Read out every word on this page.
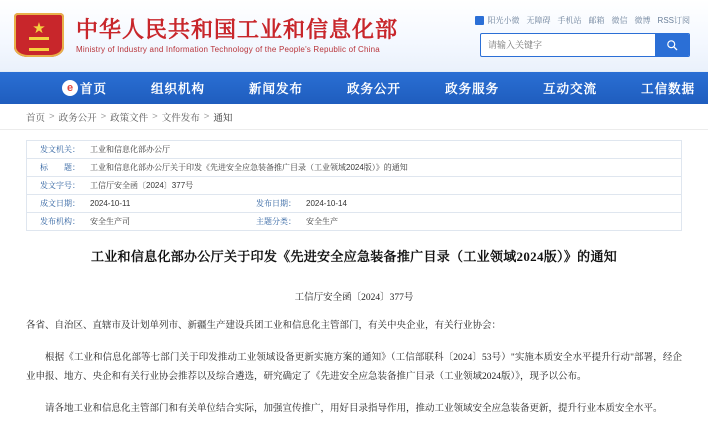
★ 中华人民共和国工业和信息化部
Ministry of Industry and Information Technology of the People's Republic of China
阳光小微 无障碍 手机站 邮箱 微信 微博 RSS订阅
请输入关键字
e 首页	组织机构	新闻发布	政务公开	政务服务	互动交流	工信数据
首页 > 政务公开 > 政策文件 > 文件发布 > 通知
发文机关：	工业和信息化部办公厅
标　　题：	工业和信息化部办公厅关于印发《先进安全应急装备推广目录（工业领域2024版）》的通知
发文字号：	工信厅安全函〔2024〕377号
成文日期：	2024-10-11	发布日期：	2024-10-14
发布机构：	安全生产司	主题分类：	安全生产
工业和信息化部办公厅关于印发《先进安全应急装备推广目录（工业领域2024版）》的通知
工信厅安全函〔2024〕377号
各省、自治区、直辖市及计划单列市、新疆生产建设兵团工业和信息化主管部门，有关中央企业，有关行业协会：
根据《工业和信息化部等七部门关于印发推动工业领域设备更新实施方案的通知》（工信部联科〔2024〕53号）"实施本质安全水平提升行动"部署，经企业申报、地方、央企和有关行业协会推荐以及综合遴选，研究确定了《先进安全应急装备推广目录（工业领域2024版）》，现予以公布。
请各地工业和信息化主管部门和有关单位结合实际，加强宣传推广，用好目录指导作用，推动工业领域安全应急装备更新，提升行业本质安全水平。
